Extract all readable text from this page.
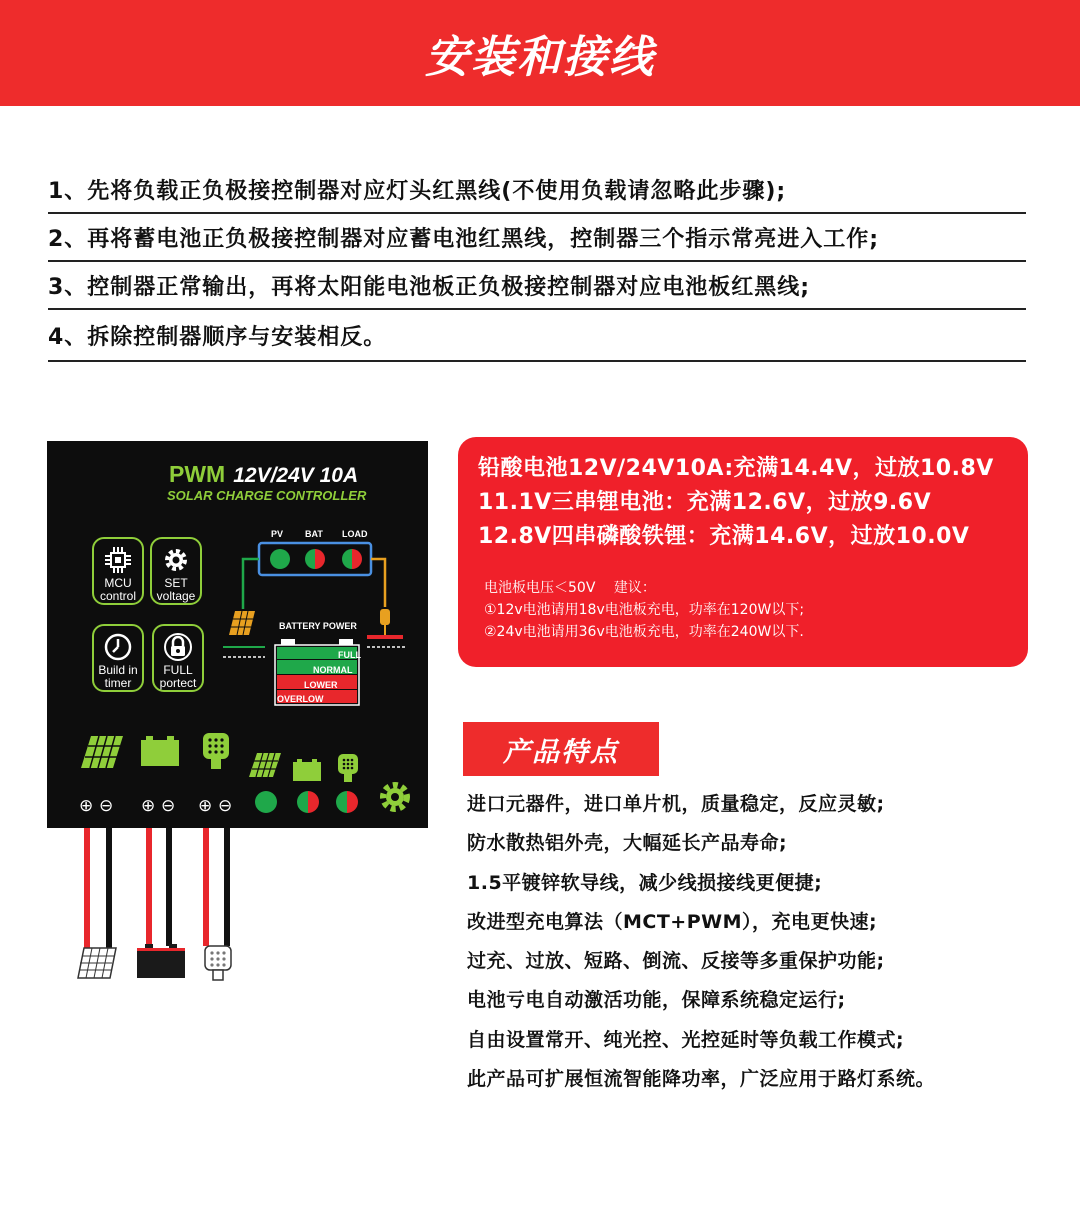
安装和接线
1、先将负载正负极接控制器对应灯头红黑线(不使用负载请忽略此步骤);
2、再将蓄电池正负极接控制器对应蓄电池红黑线，控制器三个指示常亮进入工作;
3、控制器正常输出，再将太阳能电池板正负极接控制器对应电池板红黑线;
4、拆除控制器顺序与安装相反。
PWM 12V/24V 10A
SOLAR CHARGE CONTROLLER
MCU control
SET voltage
Build in timer
FULL portect
PV BAT LOAD
BATTERY POWER
FULL
NORMAL
LOWER
OVERLOW
⊕ ⊖ ⊕ ⊖ ⊕ ⊖
铅酸电池12V/24V10A:充满14.4V，过放10.8V
11.1V三串锂电池：充满12.6V，过放9.6V
12.8V四串磷酸铁锂：充满14.6V，过放10.0V
电池板电压＜50V　 建议：
①12v电池请用18v电池板充电，功率在120W以下;
②24v电池请用36v电池板充电，功率在240W以下.
产品特点
进口元器件，进口单片机，质量稳定，反应灵敏;
防水散热铝外壳，大幅延长产品寿命;
1.5平镀锌软导线，减少线损接线更便捷;
改进型充电算法（MCT+PWM），充电更快速;
过充、过放、短路、倒流、反接等多重保护功能;
电池亏电自动激活功能，保障系统稳定运行;
自由设置常开、纯光控、光控延时等负载工作模式;
此产品可扩展恒流智能降功率，广泛应用于路灯系统。
